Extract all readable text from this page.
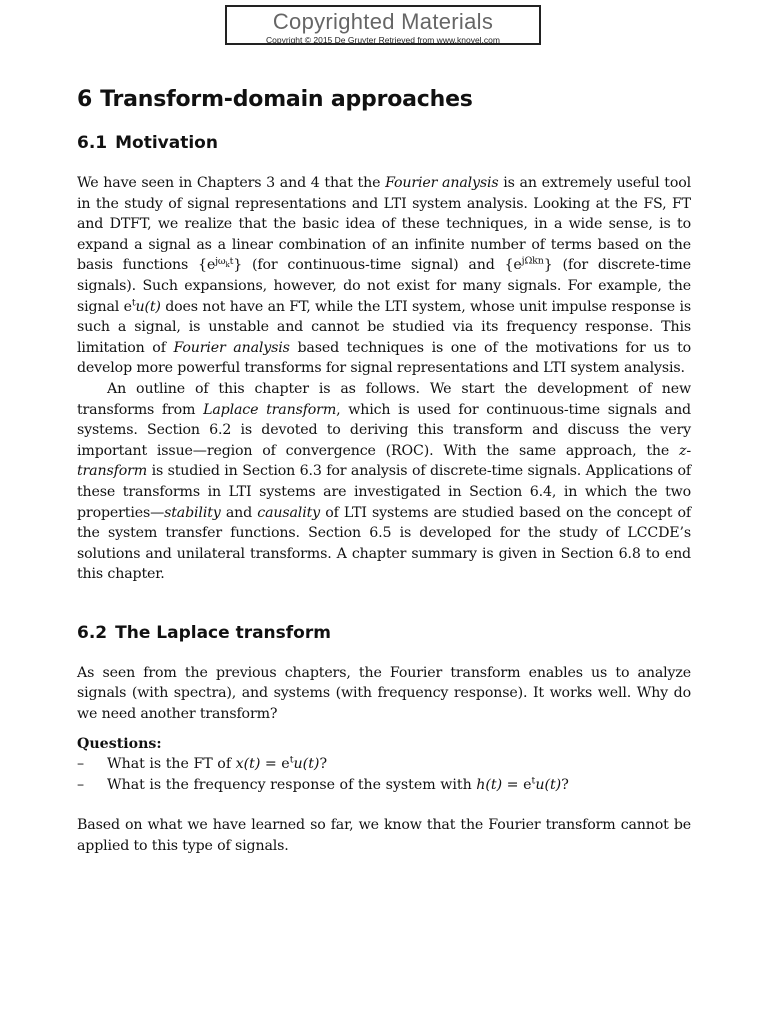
Copyrighted Materials
Copyright © 2015 De Gruyter Retrieved from www.knovel.com
6 Transform-domain approaches
6.1 Motivation

We have seen in Chapters 3 and 4 that the Fourier analysis is an extremely useful tool in the study of signal representations and LTI system analysis. Looking at the FS, FT and DTFT, we realize that the basic idea of these techniques, in a wide sense, is to expand a signal as a linear combination of an infinite number of terms based on the basis functions $\{e^{j\omega_kt}\}$ (for continuous-time signal) and $\{e^{j\Omega kn}\}$ (for discrete-time signals). Such expansions, however, do not exist for many signals. For example, the signal $e^tu(t)$ does not have an FT, while the LTI system, whose unit impulse response is such a signal, is unstable and cannot be studied via its frequency response. This limitation of Fourier analysis based techniques is one of the motivations for us to develop more powerful transforms for signal representations and LTI system analysis.

An outline of this chapter is as follows. We start the development of new transforms from Laplace transform, which is used for continuous-time signals and systems. Section 6.2 is devoted to deriving this transform and discuss the very important issue—region of convergence (ROC). With the same approach, the z-transform is studied in Section 6.3 for analysis of discrete-time signals. Applications of these transforms in LTI systems are investigated in Section 6.4, in which the two properties—stability and causality of LTI systems are studied based on the concept of the system transfer functions. Section 6.5 is developed for the study of LCCDE’s solutions and unilateral transforms. A chapter summary is given in Section 6.8 to end this chapter.

6.2 The Laplace transform

As seen from the previous chapters, the Fourier transform enables us to analyze signals (with spectra), and systems (with frequency response). It works well. Why do we need another transform?

Questions:
– What is the FT of $x(t) = e^tu(t)$?
– What is the frequency response of the system with $h(t) = e^tu(t)$?

Based on what we have learned so far, we know that the Fourier transform cannot be applied to this type of signals.
